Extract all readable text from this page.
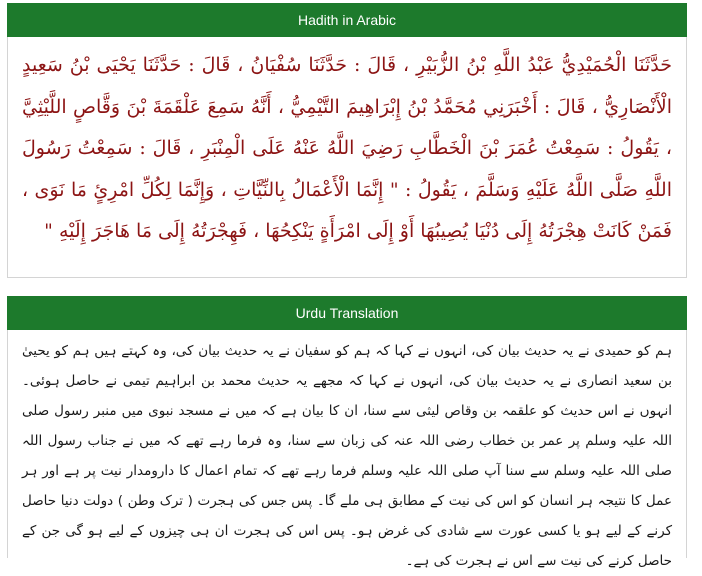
Hadith in Arabic

حَدَّثَنَا الْحُمَيْدِيُّ عَبْدُ اللَّهِ بْنُ الزُّبَيْرِ ، قَالَ : حَدَّثَنَا سُفْيَانُ ، قَالَ : حَدَّثَنَا يَحْيَى بْنُ سَعِيدٍ الْأَنْصَارِيُّ ، قَالَ : أَخْبَرَنِي مُحَمَّدُ بْنُ إِبْرَاهِيمَ التَّيْمِيُّ ، أَنَّهُ سَمِعَ عَلْقَمَةَ بْنَ وَقَّاصٍ اللَّيْثِيَّ ، يَقُولُ : سَمِعْتُ عُمَرَ بْنَ الْخَطَّابِ رَضِيَ اللَّهُ عَنْهُ عَلَى الْمِنْبَرِ ، قَالَ : سَمِعْتُ رَسُولَ اللَّهِ صَلَّى اللَّهُ عَلَيْهِ وَسَلَّمَ ، يَقُولُ : " إِنَّمَا الْأَعْمَالُ بِالنِّيَّاتِ ، وَإِنَّمَا لِكُلِّ امْرِئٍ مَا نَوَى ، فَمَنْ كَانَتْ هِجْرَتُهُ إِلَى دُنْيَا يُصِيبُهَا أَوْ إِلَى امْرَأَةٍ يَنْكِحُهَا ، فَهِجْرَتُهُ إِلَى مَا هَاجَرَ إِلَيْهِ "

Urdu Translation

ہم کو حمیدی نے یہ حدیث بیان کی، انہوں نے کہا کہ ہم کو سفیان نے یہ حدیث بیان کی، وہ کہتے ہیں ہم کو یحییٰ بن سعید انصاری نے یہ حدیث بیان کی، انہوں نے کہا کہ مجھے یہ حدیث محمد بن ابراہیم تیمی نے حاصل ہوئی۔ انہوں نے اس حدیث کو علقمہ بن وقاص لیثی سے سنا، ان کا بیان ہے کہ میں نے مسجد نبوی میں منبر رسول صلی اللہ علیہ وسلم پر عمر بن خطاب رضی اللہ عنہ کی زبان سے سنا، وہ فرما رہے تھے کہ میں نے جناب رسول اللہ صلی اللہ علیہ وسلم سے سنا آپ صلی اللہ علیہ وسلم فرما رہے تھے کہ تمام اعمال کا دارومدار نیت پر ہے اور ہر عمل کا نتیجہ ہر انسان کو اس کی نیت کے مطابق ہی ملے گا۔ پس جس کی ہجرت ( ترک وطن ) دولت دنیا حاصل کرنے کے لیے ہو یا کسی عورت سے شادی کی غرض ہو۔ پس اس کی ہجرت ان ہی چیزوں کے لیے ہو گی جن کے حاصل کرنے کی نیت سے اس نے ہجرت کی ہے۔
